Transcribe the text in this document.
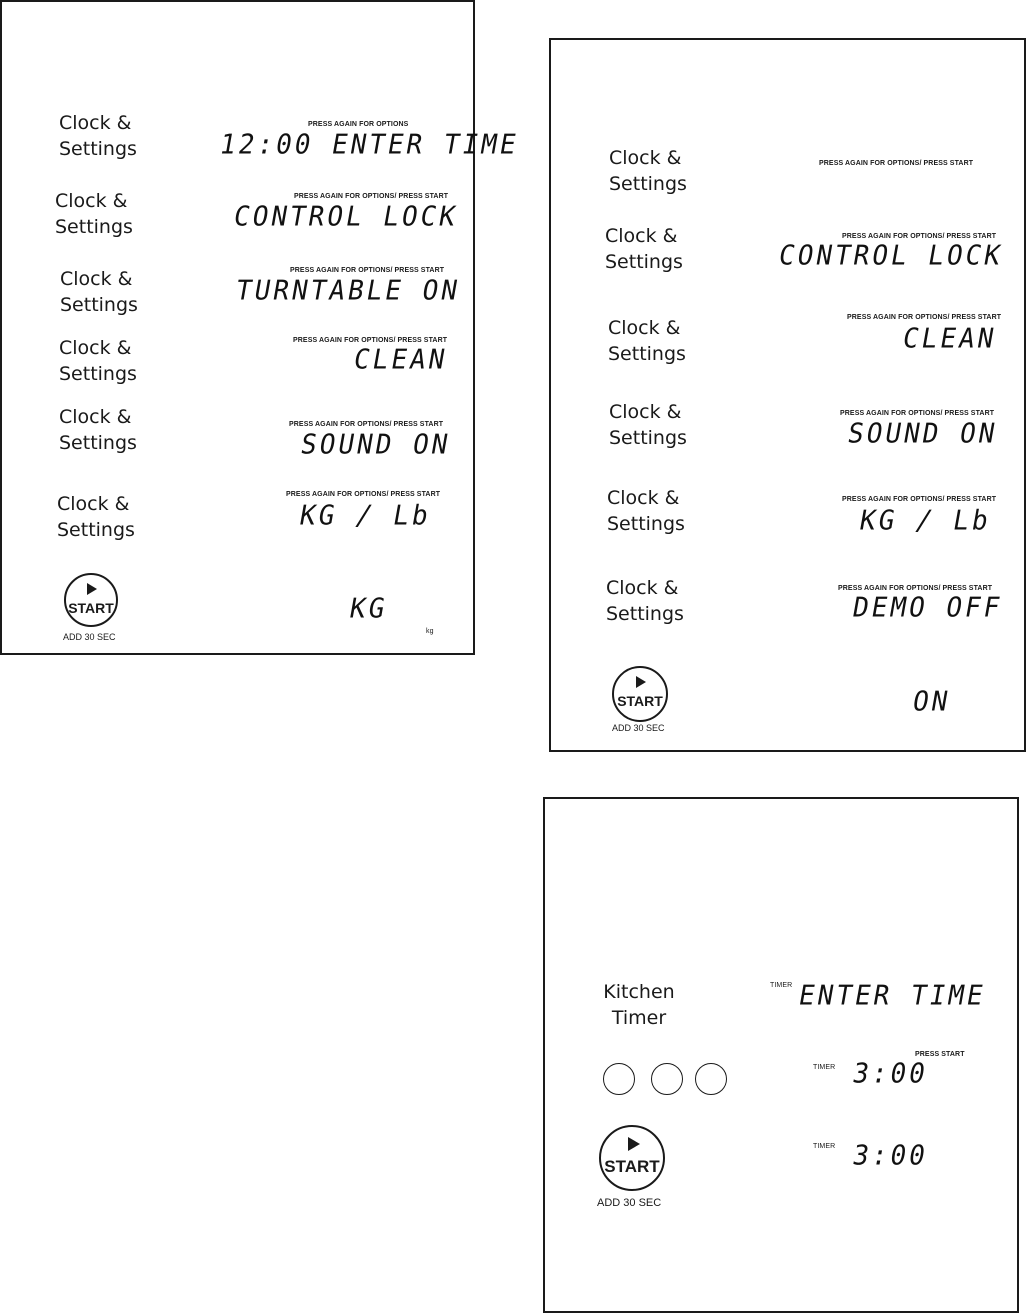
Clock &
Settings
PRESS AGAIN FOR OPTIONS
12:00 ENTER TIME
Clock &
Settings
PRESS AGAIN FOR OPTIONS/ PRESS START
CONTROL LOCK
Clock &
Settings
PRESS AGAIN FOR OPTIONS/ PRESS START
TURNTABLE ON
Clock &
Settings
PRESS AGAIN FOR OPTIONS/ PRESS START
CLEAN
Clock &
Settings
PRESS AGAIN FOR OPTIONS/ PRESS START
SOUND ON
Clock &
Settings
PRESS AGAIN FOR OPTIONS/ PRESS START
KG / Lb
START
ADD 30 SEC
KG
kg
Clock &
Settings
PRESS AGAIN FOR OPTIONS/ PRESS START
Clock &
Settings
PRESS AGAIN FOR OPTIONS/ PRESS START
CONTROL LOCK
Clock &
Settings
PRESS AGAIN FOR OPTIONS/ PRESS START
CLEAN
Clock &
Settings
PRESS AGAIN FOR OPTIONS/ PRESS START
SOUND ON
Clock &
Settings
PRESS AGAIN FOR OPTIONS/ PRESS START
KG / Lb
Clock &
Settings
PRESS AGAIN FOR OPTIONS/ PRESS START
DEMO OFF
START
ADD 30 SEC
ON
Kitchen
Timer
TIMER ENTER TIME
TIMER 3:00
PRESS START
START
ADD 30 SEC
TIMER 3:00
